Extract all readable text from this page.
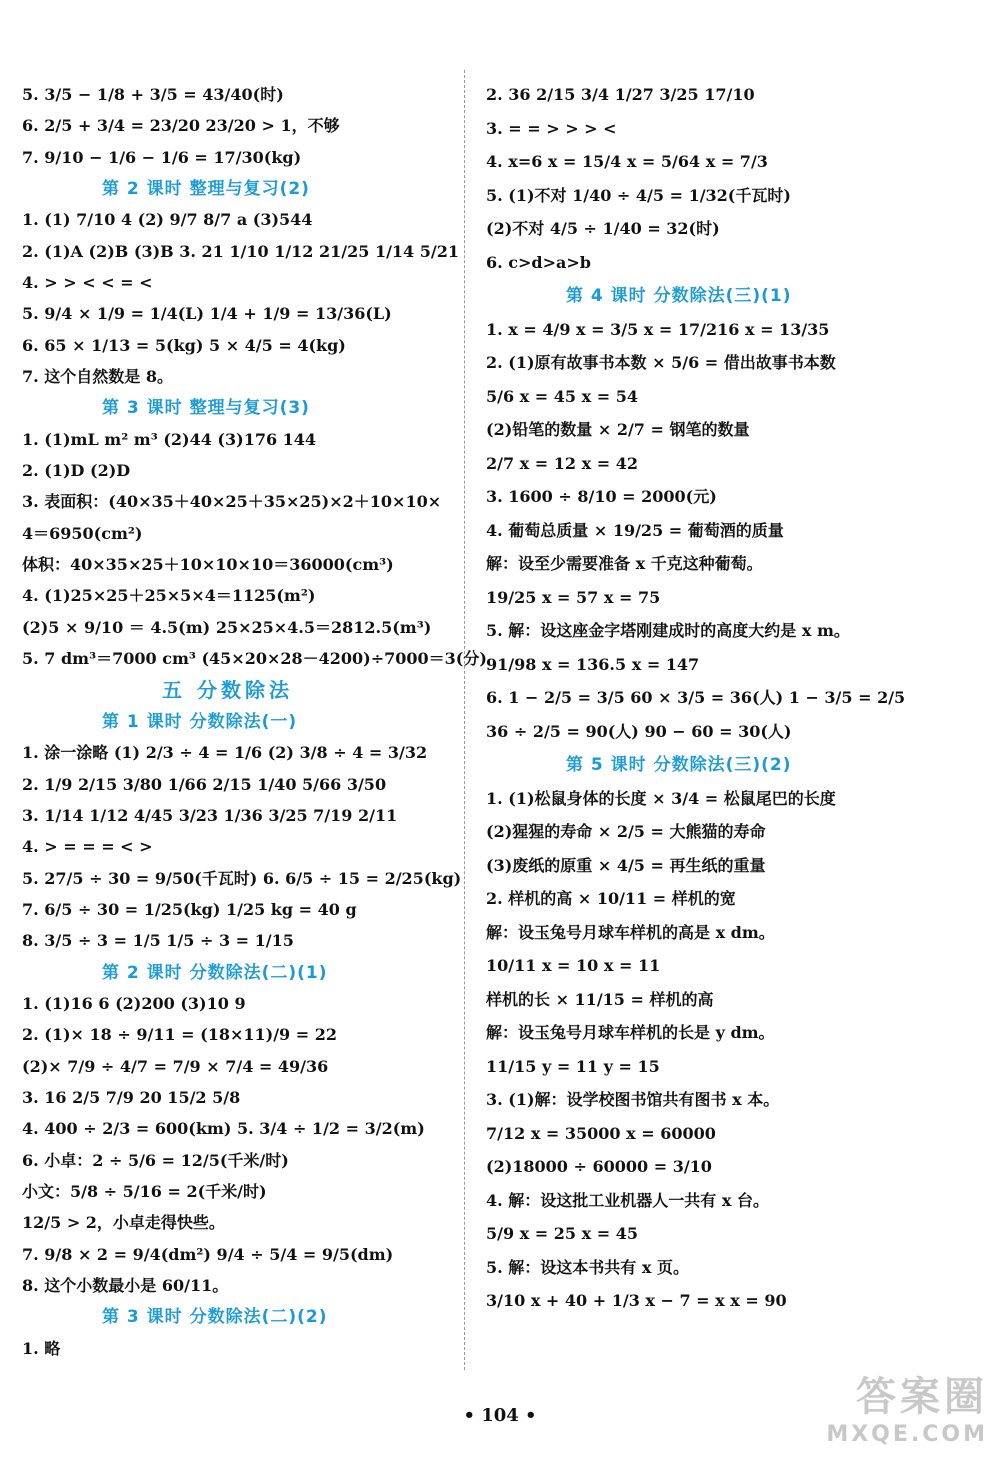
5. 3/5 − 1/8 + 3/5 = 43/40(时)
6. 2/5 + 3/4 = 23/20 23/20 > 1，不够
7. 9/10 − 1/6 − 1/6 = 17/30(kg)
第 2 课时 整理与复习(2)
1. (1) 7/10 4 (2) 9/7 8/7 a (3)544
2. (1)A (2)B (3)B 3. 21 1/10 1/12 21/25 1/14 5/21
4. > > < < = <
5. 9/4 × 1/9 = 1/4(L) 1/4 + 1/9 = 13/36(L)
6. 65 × 1/13 = 5(kg) 5 × 4/5 = 4(kg)
7. 这个自然数是 8。
第 3 课时 整理与复习(3)
1. (1)mL m² m³ (2)44 (3)176 144
2. (1)D (2)D
3. 表面积：(40×35＋40×25＋35×25)×2＋10×10×
4＝6950(cm²)
体积：40×35×25＋10×10×10＝36000(cm³)
4. (1)25×25＋25×5×4＝1125(m²)
(2)5 × 9/10 ＝ 4.5(m) 25×25×4.5＝2812.5(m³)
5. 7 dm³＝7000 cm³ (45×20×28－4200)÷7000＝3(分)
五 分数除法
第 1 课时 分数除法(一)
1. 涂一涂略 (1) 2/3 ÷ 4 = 1/6 (2) 3/8 ÷ 4 = 3/32
2. 1/9 2/15 3/80 1/66 2/15 1/40 5/66 3/50
3. 1/14 1/12 4/45 3/23 1/36 3/25 7/19 2/11
4. > = = = < >
5. 27/5 ÷ 30 = 9/50(千瓦时) 6. 6/5 ÷ 15 = 2/25(kg)
7. 6/5 ÷ 30 = 1/25(kg) 1/25 kg = 40 g
8. 3/5 ÷ 3 = 1/5 1/5 ÷ 3 = 1/15
第 2 课时 分数除法(二)(1)
1. (1)16 6 (2)200 (3)10 9
2. (1)× 18 ÷ 9/11 = (18×11)/9 = 22
(2)× 7/9 ÷ 4/7 = 7/9 × 7/4 = 49/36
3. 16 2/5 7/9 20 15/2 5/8
4. 400 ÷ 2/3 = 600(km) 5. 3/4 ÷ 1/2 = 3/2(m)
6. 小卓：2 ÷ 5/6 = 12/5(千米/时)
小文：5/8 ÷ 5/16 = 2(千米/时)
12/5 > 2，小卓走得快些。
7. 9/8 × 2 = 9/4(dm²) 9/4 ÷ 5/4 = 9/5(dm)
8. 这个小数最小是 60/11。
第 3 课时 分数除法(二)(2)
1. 略
2. 36 2/15 3/4 1/27 3/25 17/10
3. = = > > > <
4. x=6 x = 15/4 x = 5/64 x = 7/3
5. (1)不对 1/40 ÷ 4/5 = 1/32(千瓦时)
(2)不对 4/5 ÷ 1/40 = 32(时)
6. c>d>a>b
第 4 课时 分数除法(三)(1)
1. x = 4/9 x = 3/5 x = 17/216 x = 13/35
2. (1)原有故事书本数 × 5/6 = 借出故事书本数
5/6 x = 45 x = 54
(2)铅笔的数量 × 2/7 = 钢笔的数量
2/7 x = 12 x = 42
3. 1600 ÷ 8/10 = 2000(元)
4. 葡萄总质量 × 19/25 = 葡萄酒的质量
解：设至少需要准备 x 千克这种葡萄。
19/25 x = 57 x = 75
5. 解：设这座金字塔刚建成时的高度大约是 x m。
91/98 x = 136.5 x = 147
6. 1 − 2/5 = 3/5 60 × 3/5 = 36(人) 1 − 3/5 = 2/5
36 ÷ 2/5 = 90(人) 90 − 60 = 30(人)
第 5 课时 分数除法(三)(2)
1. (1)松鼠身体的长度 × 3/4 = 松鼠尾巴的长度
(2)猩猩的寿命 × 2/5 = 大熊猫的寿命
(3)废纸的原重 × 4/5 = 再生纸的重量
2. 样机的高 × 10/11 = 样机的宽
解：设玉兔号月球车样机的高是 x dm。
10/11 x = 10 x = 11
样机的长 × 11/15 = 样机的高
解：设玉兔号月球车样机的长是 y dm。
11/15 y = 11 y = 15
3. (1)解：设学校图书馆共有图书 x 本。
7/12 x = 35000 x = 60000
(2)18000 ÷ 60000 = 3/10
4. 解：设这批工业机器人一共有 x 台。
5/9 x = 25 x = 45
5. 解：设这本书共有 x 页。
3/10 x + 40 + 1/3 x − 7 = x x = 90
• 104 •	答案圈
MXQE.COM
